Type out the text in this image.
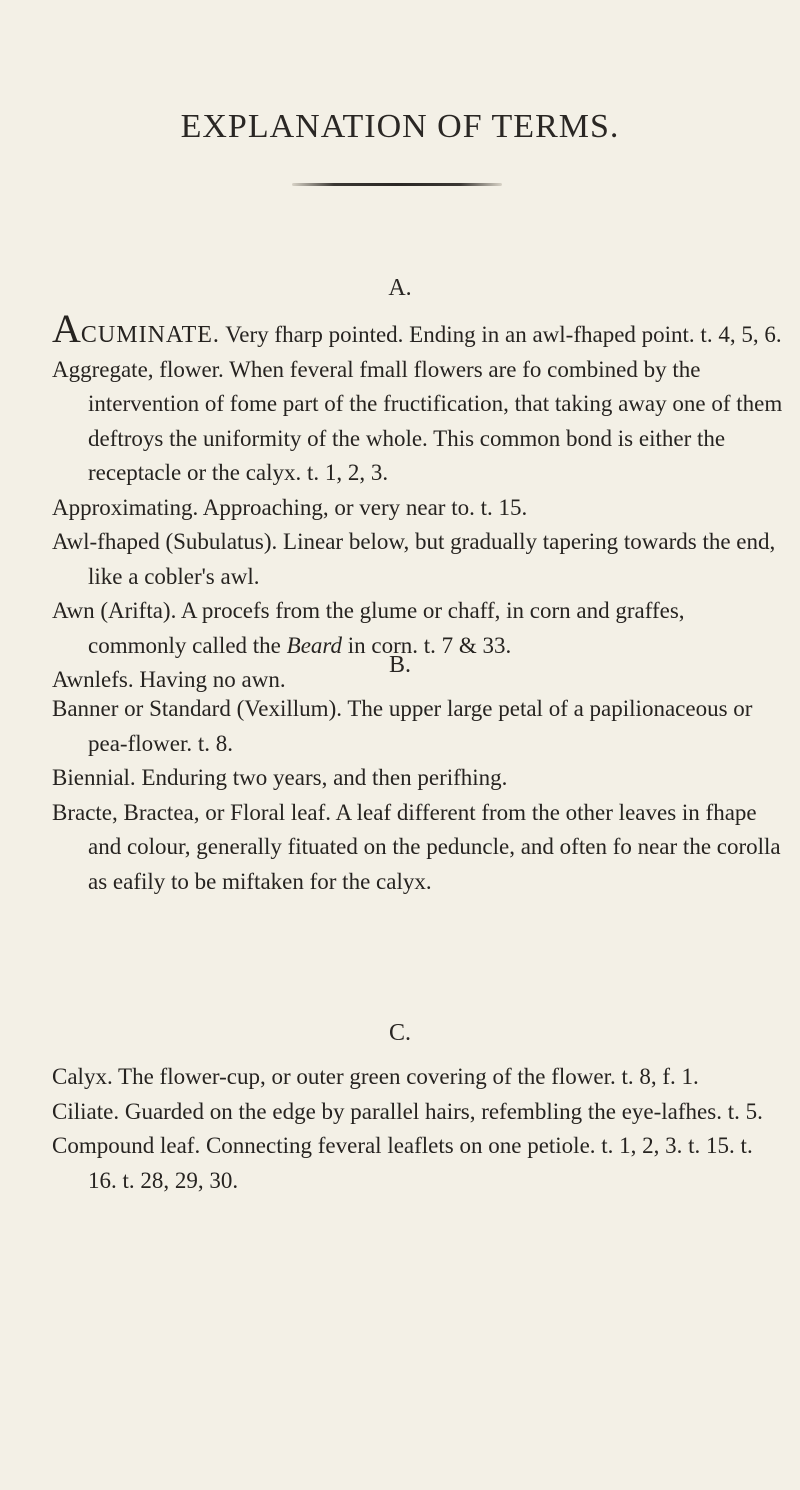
EXPLANATION OF TERMS.
A.

ACUMINATE. Very fharp pointed. Ending in an awl-fhaped point. t. 4, 5, 6.

Aggregate, flower. When feveral fmall flowers are fo combined by the intervention of fome part of the fructification, that taking away one of them deftroys the uniformity of the whole. This common bond is either the receptacle or the calyx. t. 1, 2, 3.

Approximating. Approaching, or very near to. t. 15.

Awl-fhaped (Subulatus). Linear below, but gradually tapering towards the end, like a cobler's awl.

Awn (Arifta). A procefs from the glume or chaff, in corn and graffes, commonly called the Beard in corn. t. 7 & 33.

Awnlefs. Having no awn.

B.

Banner or Standard (Vexillum). The upper large petal of a papilionaceous or pea-flower. t. 8.

Biennial. Enduring two years, and then perifhing.

Bracte, Bractea, or Floral leaf. A leaf different from the other leaves in fhape and colour, generally fituated on the peduncle, and often fo near the corolla as eafily to be miftaken for the calyx.

C.

Calyx. The flower-cup, or outer green covering of the flower. t. 8, f. 1.

Ciliate. Guarded on the edge by parallel hairs, refembling the eye-lafhes. t. 5.

Compound leaf. Connecting feveral leaflets on one petiole. t. 1, 2, 3. t. 15. t. 16. t. 28, 29, 30.
